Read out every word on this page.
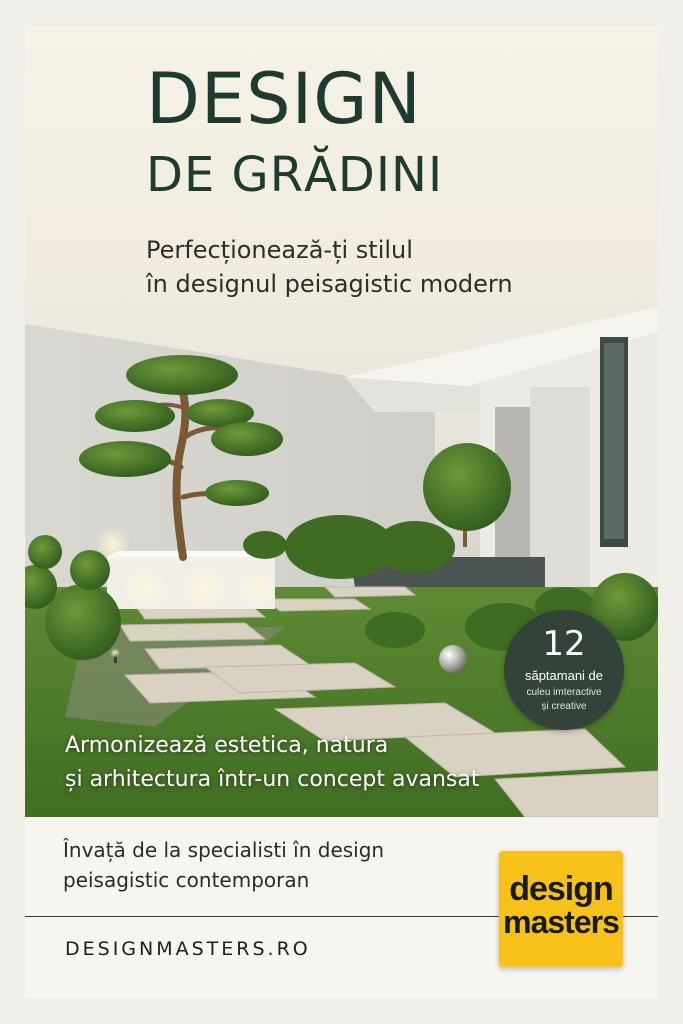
DESIGN
DE GRĂDINI
Perfecționează-ți stilul
în designul peisagistic modern
12
săptamani de
culeu imteractive
și creative
Armonizează estetica, natura
și arhitectura într-un concept avansat
Învață de la specialisti în design
peisagistic contemporan
DESIGNMASTERS.RO
design
masters
